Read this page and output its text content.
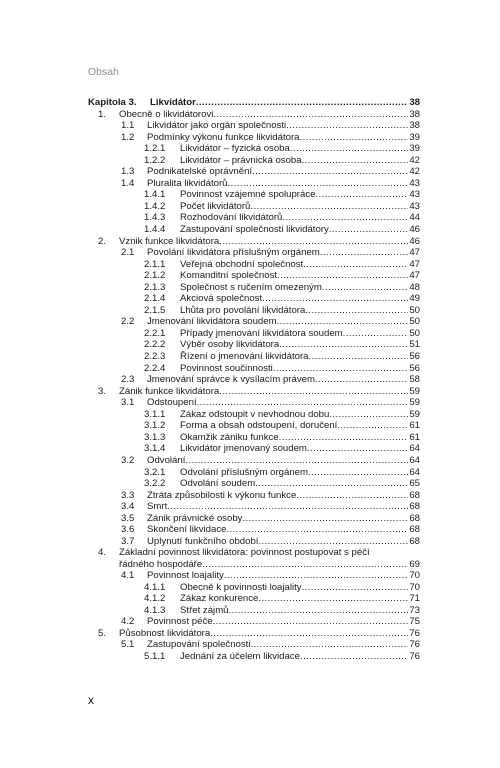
Obsah
Kapitola 3. Likvidátor .....	38
1. Obecně o likvidátorovi .....	38
1.1 Likvidátor jako orgán společnosti .....	38
1.2 Podmínky výkonu funkce likvidátora .....	39
1.2.1 Likvidátor – fyzická osoba .....	39
1.2.2 Likvidátor – právnická osoba .....	42
1.3 Podnikatelské oprávnění .....	42
1.4 Pluralita likvidátorů .....	43
1.4.1 Povinnost vzájemné spolupráce .....	43
1.4.2 Počet likvidátorů .....	43
1.4.3 Rozhodování likvidátorů .....	44
1.4.4 Zastupování společnosti likvidátory .....	46
2. Vznik funkce likvidátora .....	46
2.1 Povolání likvidátora příslušným orgánem .....	47
2.1.1 Veřejná obchodní společnost .....	47
2.1.2 Komanditní společnost .....	47
2.1.3 Společnost s ručením omezeným .....	48
2.1.4 Akciová společnost .....	49
2.1.5 Lhůta pro povolání likvidátora .....	50
2.2 Jmenování likvidátora soudem .....	50
2.2.1 Případy jmenování likvidátora soudem .....	50
2.2.2 Výběr osoby likvidátora .....	51
2.2.3 Řízení o jmenování likvidátora .....	56
2.2.4 Povinnost součinnosti .....	56
2.3 Jmenování správce k vysílacím právem .....	58
3. Zánik funkce likvidátora .....	59
3.1 Odstoupení .....	59
3.1.1 Zákaz odstoupit v nevhodnou dobu .....	59
3.1.2 Forma a obsah odstoupení, doručení .....	61
3.1.3 Okamžik zániku funkce .....	61
3.1.4 Likvidátor jmenovaný soudem .....	64
3.2 Odvolání .....	64
3.2.1 Odvolání příslušným orgánem .....	64
3.2.2 Odvolání soudem .....	65
3.3 Ztráta způsobilosti k výkonu funkce .....	68
3.4 Smrt .....	68
3.5 Zánik právnické osoby .....	68
3.6 Skončení likvidace .....	68
3.7 Uplynutí funkčního období .....	68
4. Základní povinnost likvidátora: povinnost postupovat s péčí
řádného hospodáře .....	69
4.1 Povinnost loajality .....	70
4.1.1 Obecně k povinnosti loajality .....	70
4.1.2 Zákaz konkurence .....	71
4.1.3 Střet zájmů .....	73
4.2 Povinnost péče .....	75
5. Působnost likvidátora .....	76
5.1 Zastupování společnosti .....	76
5.1.1 Jednání za účelem likvidace .....	76
x
